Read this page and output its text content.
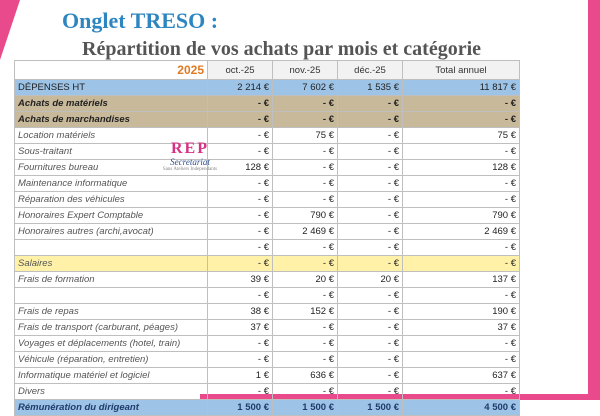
Onglet TRESO :
Répartition de vos achats par mois et catégorie
2025	oct.-25	nov.-25	déc.-25	Total annuel
DÉPENSES HT	2 214 €	7 602 €	1 535 €	11 817 €
Achats de matériels	- €	- €	- €	- €
Achats de marchandises	- €	- €	- €	- €
Location matériels	- €	75 €	- €	75 €
Sous-traitant	- €	- €	- €	- €
Fournitures bureau	128 €	- €	- €	128 €
Maintenance informatique	- €	- €	- €	- €
Réparation des véhicules	- €	- €	- €	- €
Honoraires Expert Comptable	- €	790 €	- €	790 €
Honoraires autres (archi,avocat)	- €	2 469 €	- €	2 469 €
	- €	- €	- €	- €
Salaires	- €	- €	- €	- €
Frais de formation	39 €	20 €	20 €	137 €
	- €	- €	- €	- €
Frais de repas	38 €	152 €	- €	190 €
Frais de transport (carburant, péages)	37 €	- €	- €	37 €
Voyages et déplacements (hotel, train)	- €	- €	- €	- €
Véhicule (réparation, entretien)	- €	- €	- €	- €
Informatique matériel et logiciel	1 €	636 €	- €	637 €
Divers	- €	- €	- €	- €
Rémunération du dirigeant	1 500 €	1 500 €	1 500 €	4 500 €
REP
Secretariat
Sans Ateliers Independants
